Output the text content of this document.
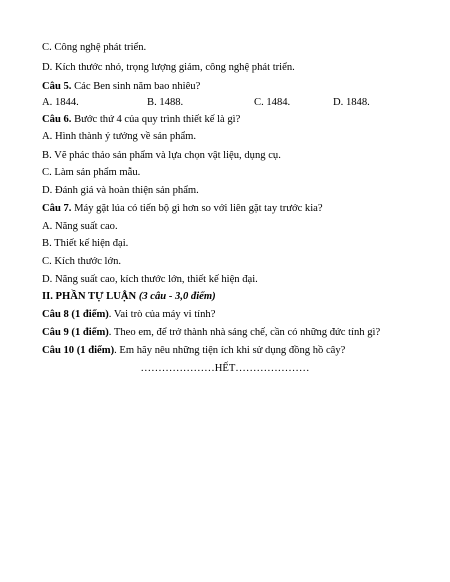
C. Công nghệ phát triển.
D. Kích thước nhỏ, trọng lượng giảm, công nghệ phát triển.
Câu 5. Các Ben sinh năm bao nhiêu?
A. 1844.	B. 1488.	C. 1484.	D. 1848.
Câu 6. Bước thứ 4 của quy trình thiết kế là gì?
A. Hình thành ý tưởng về sản phẩm.
B. Vẽ phác thảo sản phẩm và lựa chọn vật liệu, dụng cụ.
C. Làm sản phẩm mẫu.
D. Đánh giá và hoàn thiện sản phẩm.
Câu 7. Máy gặt lúa có tiến bộ gì hơn so với liên gặt tay trước kia?
A. Năng suất cao.
B. Thiết kế hiện đại.
C. Kích thước lớn.
D. Năng suất cao, kích thước lớn, thiết kế hiện đại.
II. PHẦN TỰ LUẬN (3 câu - 3,0 điểm)
Câu 8 (1 điểm). Vai trò của máy vi tính?
Câu 9 (1 điểm). Theo em, để trở thành nhà sáng chế, cần có những đức tính gì?
Câu 10 (1 điểm). Em hãy nêu những tiện ích khi sử dụng đồng hồ cây?
…………………HẾT…………………
